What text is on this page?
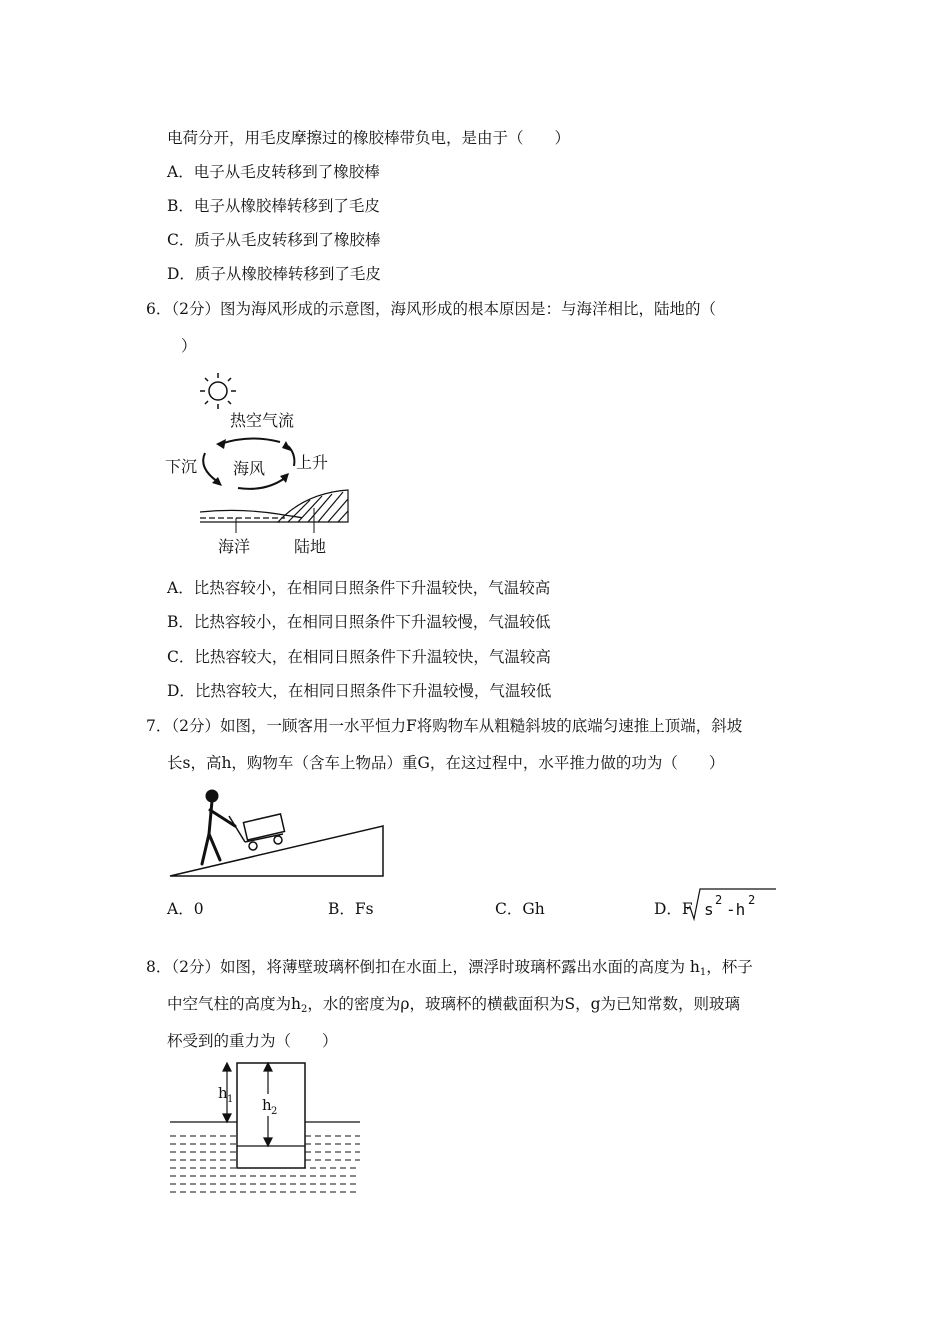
电荷分开，用毛皮摩擦过的橡胶棒带负电，是由于（　　）
A．电子从毛皮转移到了橡胶棒
B．电子从橡胶棒转移到了毛皮
C．质子从毛皮转移到了橡胶棒
D．质子从橡胶棒转移到了毛皮
6．（2分）图为海风形成的示意图，海风形成的根本原因是：与海洋相比，陆地的（
）
热空气流
下沉 海风 上升
海洋	陆地
A．比热容较小，在相同日照条件下升温较快，气温较高
B．比热容较小，在相同日照条件下升温较慢，气温较低
C．比热容较大，在相同日照条件下升温较快，气温较高
D．比热容较大，在相同日照条件下升温较慢，气温较低
7．（2分）如图，一顾客用一水平恒力F将购物车从粗糙斜坡的底端匀速推上顶端，斜坡
长s，高h，购物车（含车上物品）重G，在这过程中，水平推力做的功为（　　）
A．0	B．Fs	C．Gh	D．F s 2 -h 2
8．（2分）如图，将薄壁玻璃杯倒扣在水面上，漂浮时玻璃杯露出水面的高度为 $h_1$，杯子
中空气柱的高度为$h_2$，水的密度为ρ，玻璃杯的横截面积为S，g为已知常数，则玻璃
杯受到的重力为（　　）
h 1 h 2
